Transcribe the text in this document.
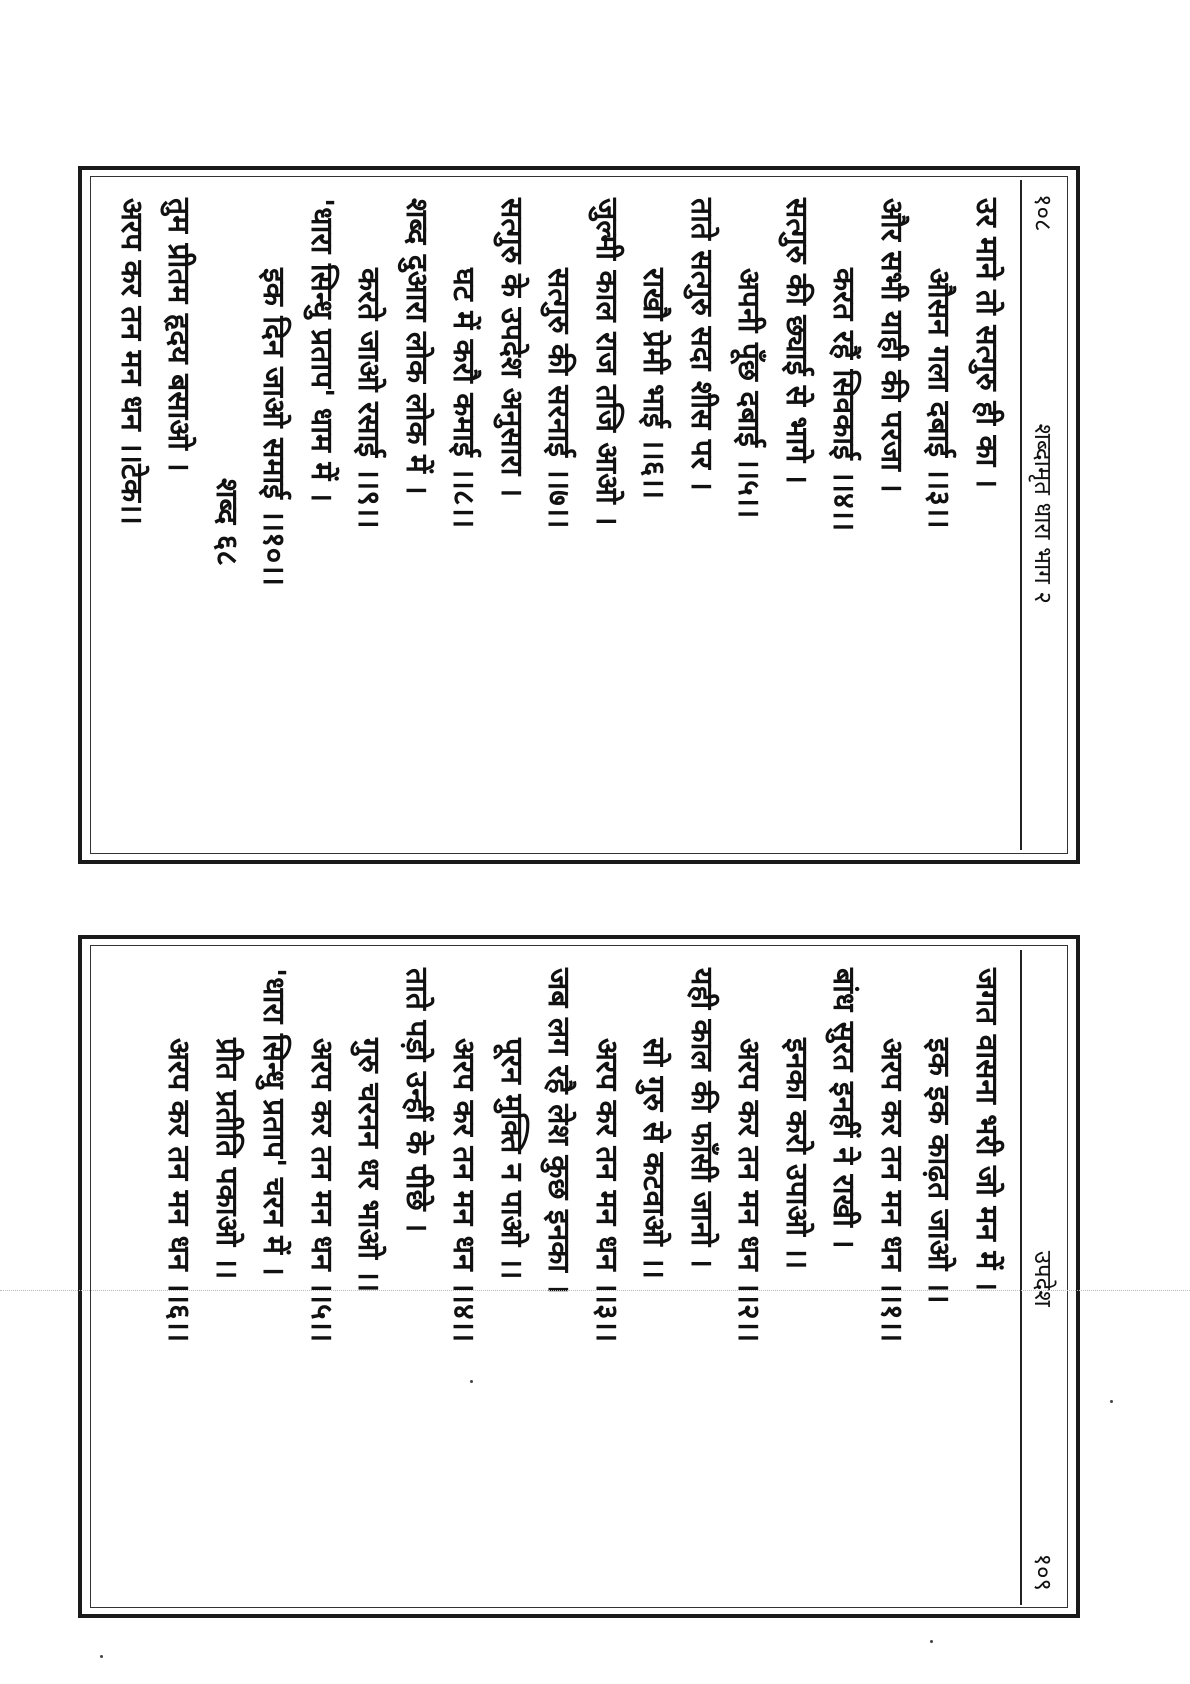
१०८
शब्दामृत धारा भाग २
उर माने तो सत्गुरु ही का ।
औसन गला दबाई ।।३।।
और सभी याही की परजा ।
करत रहैं सिवकाई ।।४।।
सत्गुरु की छ्याई से भागे ।
अपनी पूँछ दबाई ।।५।।
ताते सत्गुरु सदा शीस पर ।
राखौ प्रेमी भाई ।।६।।
जुल्मी काल राज तजि आओ ।
सत्गुरु की सरनाई ।।७।।
सत्गुरु के उपदेश अनुसारा ।
घट में करौ कमाई ।।८।।
शब्द दुआरा लोक लोक में ।
करते जाओ रसाई ।।९।।
'धारा सिन्धु प्रताप' धाम में ।
इक दिन जाओ समाई ।।१०।।
शब्द ६८
तुम प्रीतम हृदय बसाओ ।
अरप कर तन मन धन ।।टेक।।
उपदेश
१०९
जगत वासना भरी जो मन में ।
इक इक काढ़त जाओ ।।
अरप कर तन मन धन ।।१।।
बांध सुरत इनहीं ने राखी ।
इनका करो उपाओ ।।
अरप कर तन मन धन ।।२।।
यही काल की फाँसी जानो ।
सो गुरु से कटवाओ ।।
अरप कर तन मन धन ।।३।।
जब लग रहै लेश कुछ इनका ।
पूरन मुक्ति न पाओ ।।
अरप कर तन मन धन ।।४।।
ताते पड़ो उन्हीं के पीछे ।
गुरु चरनन धर भाओ ।।
अरप कर तन मन धन ।।५।।
'धारा सिन्धु प्रताप' चरन में ।
प्रीत प्रतीति पकाओ ।।
अरप कर तन मन धन ।।६।।
